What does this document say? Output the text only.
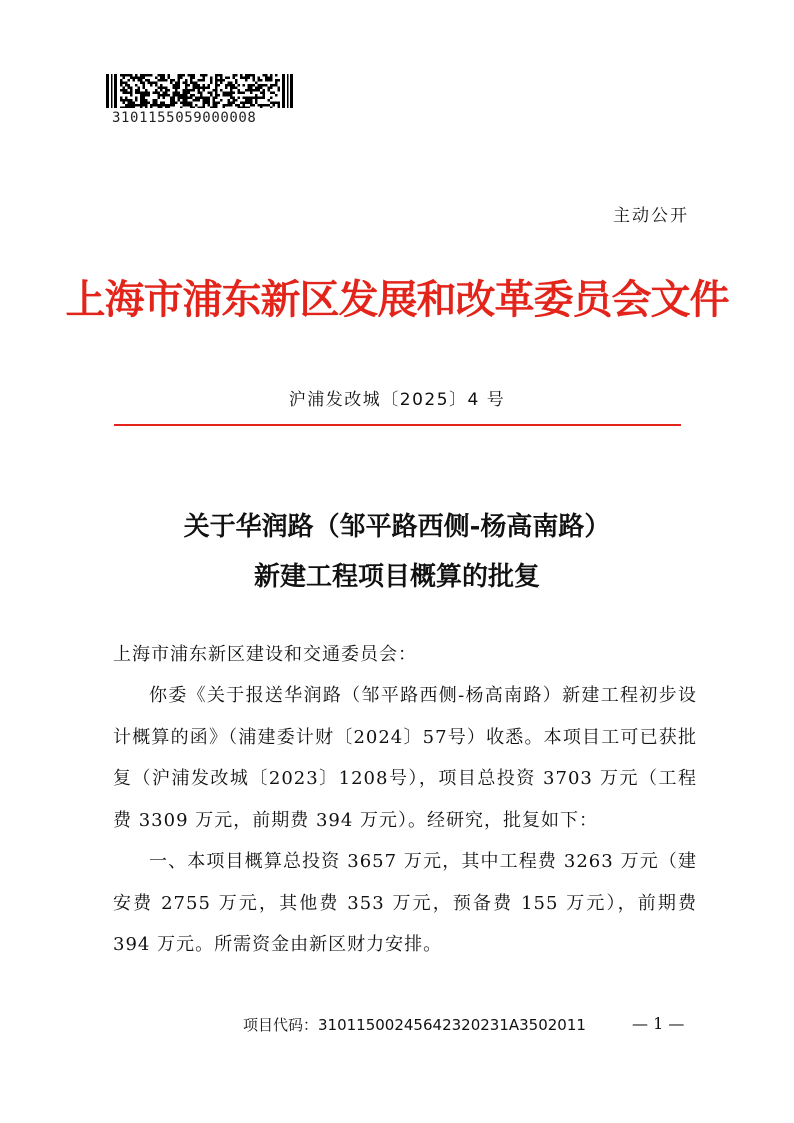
3101155059000008
主动公开
上海市浦东新区发展和改革委员会文件
沪浦发改城〔2025〕4 号
关于华润路（邹平路西侧-杨高南路）
新建工程项目概算的批复
上海市浦东新区建设和交通委员会：

你委《关于报送华润路（邹平路西侧-杨高南路）新建工程初步设计概算的函》（浦建委计财〔2024〕57号）收悉。本项目工可已获批复（沪浦发改城〔2023〕1208号），项目总投资 3703 万元（工程费 3309 万元，前期费 394 万元）。经研究，批复如下：

一、本项目概算总投资 3657 万元，其中工程费 3263 万元（建安费 2755 万元，其他费 353 万元，预备费 155 万元），前期费 394 万元。所需资金由新区财力安排。

项目代码：31011500245642320231A3502011	— 1 —
